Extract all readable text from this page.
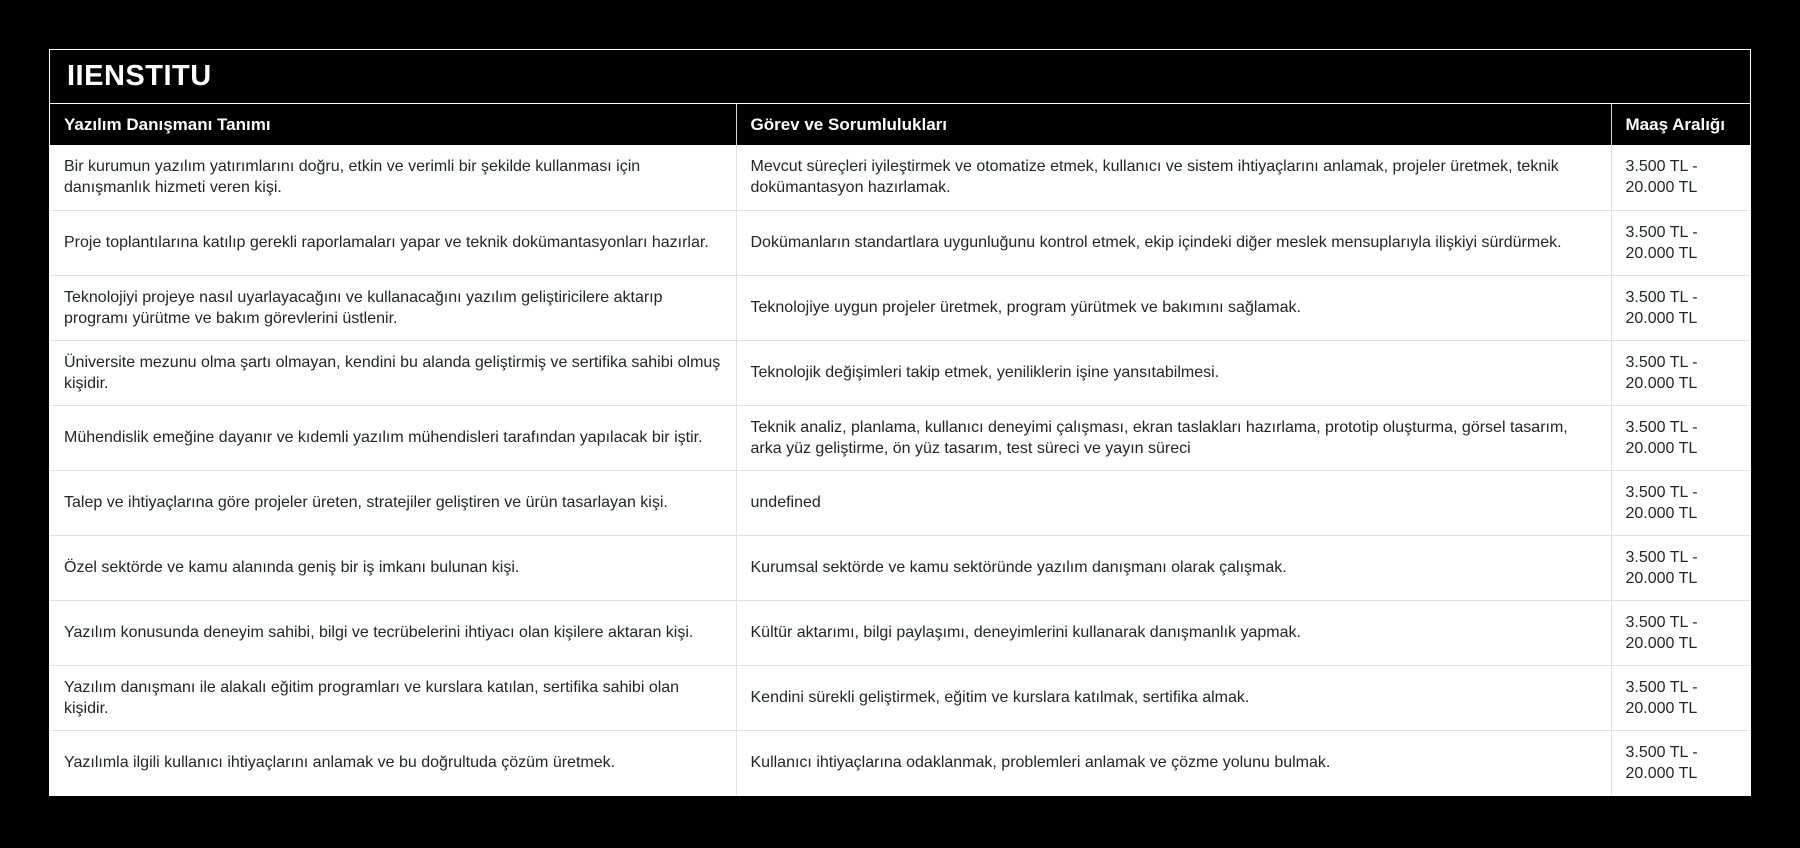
IIENSTITU
Yazılım Danışmanı Tanımı	Görev ve Sorumlulukları	Maaş Aralığı
Bir kurumun yazılım yatırımlarını doğru, etkin ve verimli bir şekilde kullanması için danışmanlık hizmeti veren kişi.	Mevcut süreçleri iyileştirmek ve otomatize etmek, kullanıcı ve sistem ihtiyaçlarını anlamak, projeler üretmek, teknik dokümantasyon hazırlamak.	3.500 TL - 20.000 TL
Proje toplantılarına katılıp gerekli raporlamaları yapar ve teknik dokümantasyonları hazırlar.	Dokümanların standartlara uygunluğunu kontrol etmek, ekip içindeki diğer meslek mensuplarıyla ilişkiyi sürdürmek.	3.500 TL - 20.000 TL
Teknolojiyi projeye nasıl uyarlayacağını ve kullanacağını yazılım geliştiricilere aktarıp programı yürütme ve bakım görevlerini üstlenir.	Teknolojiye uygun projeler üretmek, program yürütmek ve bakımını sağlamak.	3.500 TL - 20.000 TL
Üniversite mezunu olma şartı olmayan, kendini bu alanda geliştirmiş ve sertifika sahibi olmuş kişidir.	Teknolojik değişimleri takip etmek, yeniliklerin işine yansıtabilmesi.	3.500 TL - 20.000 TL
Mühendislik emeğine dayanır ve kıdemli yazılım mühendisleri tarafından yapılacak bir iştir.	Teknik analiz, planlama, kullanıcı deneyimi çalışması, ekran taslakları hazırlama, prototip oluşturma, görsel tasarım, arka yüz geliştirme, ön yüz tasarım, test süreci ve yayın süreci	3.500 TL - 20.000 TL
Talep ve ihtiyaçlarına göre projeler üreten, stratejiler geliştiren ve ürün tasarlayan kişi.	undefined	3.500 TL - 20.000 TL
Özel sektörde ve kamu alanında geniş bir iş imkanı bulunan kişi.	Kurumsal sektörde ve kamu sektöründe yazılım danışmanı olarak çalışmak.	3.500 TL - 20.000 TL
Yazılım konusunda deneyim sahibi, bilgi ve tecrübelerini ihtiyacı olan kişilere aktaran kişi.	Kültür aktarımı, bilgi paylaşımı, deneyimlerini kullanarak danışmanlık yapmak.	3.500 TL - 20.000 TL
Yazılım danışmanı ile alakalı eğitim programları ve kurslara katılan, sertifika sahibi olan kişidir.	Kendini sürekli geliştirmek, eğitim ve kurslara katılmak, sertifika almak.	3.500 TL - 20.000 TL
Yazılımla ilgili kullanıcı ihtiyaçlarını anlamak ve bu doğrultuda çözüm üretmek.	Kullanıcı ihtiyaçlarına odaklanmak, problemleri anlamak ve çözme yolunu bulmak.	3.500 TL - 20.000 TL
